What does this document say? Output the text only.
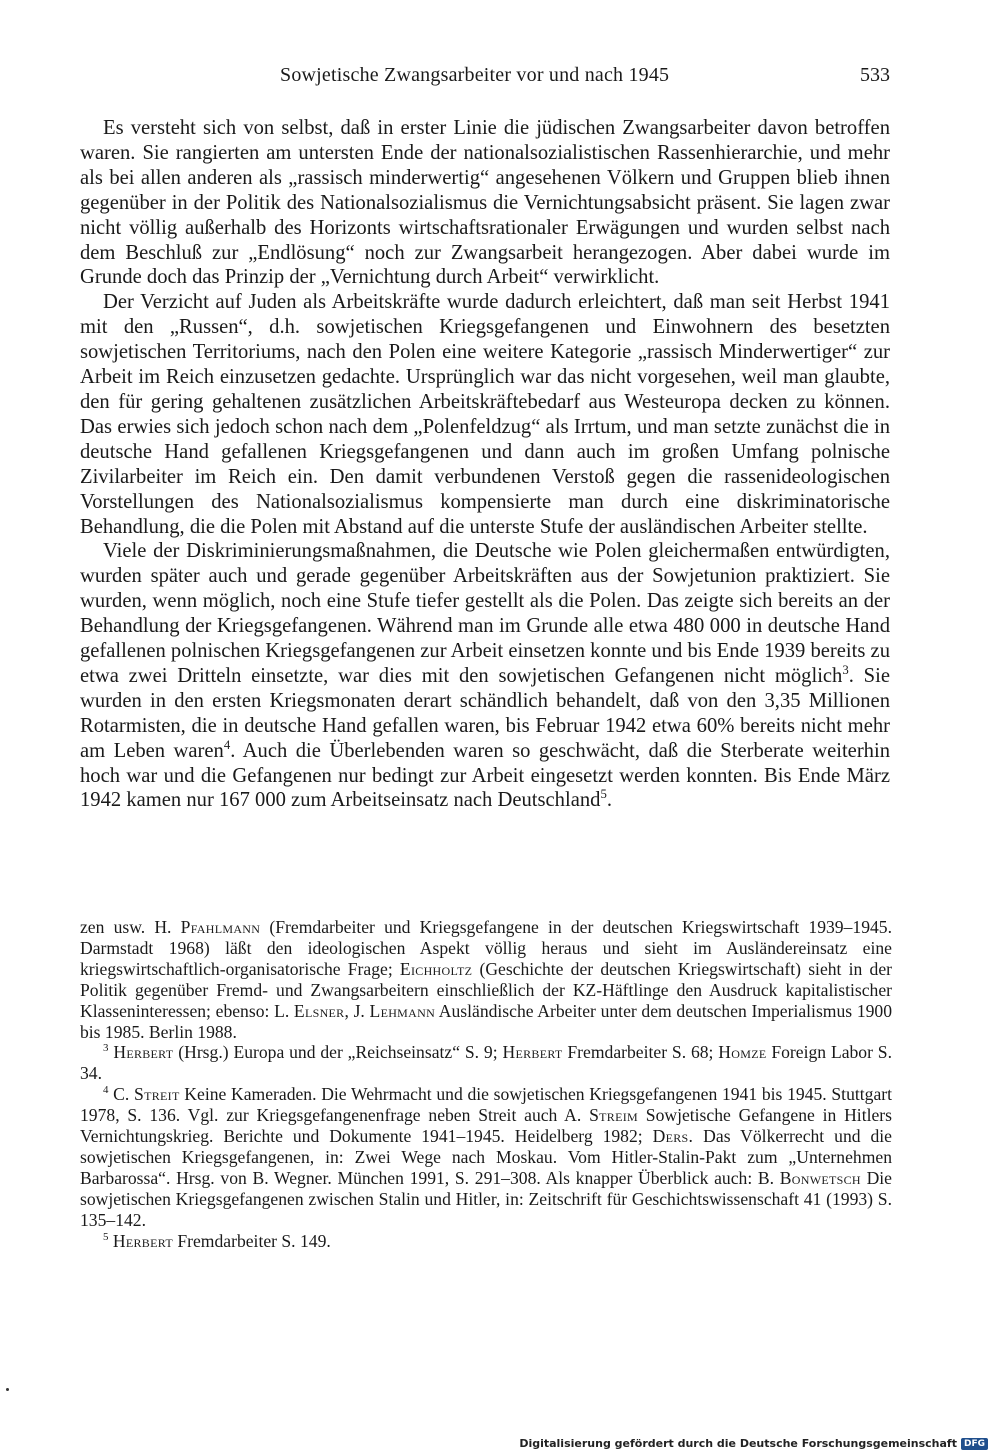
Sowjetische Zwangsarbeiter vor und nach 1945	533

Es versteht sich von selbst, daß in erster Linie die jüdischen Zwangsarbeiter davon betroffen waren. Sie rangierten am untersten Ende der nationalsozialistischen Rassenhierarchie, und mehr als bei allen anderen als „rassisch minderwertig“ angesehenen Völkern und Gruppen blieb ihnen gegenüber in der Politik des Nationalsozialismus die Vernichtungsabsicht präsent. Sie lagen zwar nicht völlig außerhalb des Horizonts wirtschaftsrationaler Erwägungen und wurden selbst nach dem Beschluß zur „Endlösung“ noch zur Zwangsarbeit herangezogen. Aber dabei wurde im Grunde doch das Prinzip der „Vernichtung durch Arbeit“ verwirklicht.

Der Verzicht auf Juden als Arbeitskräfte wurde dadurch erleichtert, daß man seit Herbst 1941 mit den „Russen“, d.h. sowjetischen Kriegsgefangenen und Einwohnern des besetzten sowjetischen Territoriums, nach den Polen eine weitere Kategorie „rassisch Minderwertiger“ zur Arbeit im Reich einzusetzen gedachte. Ursprünglich war das nicht vorgesehen, weil man glaubte, den für gering gehaltenen zusätzlichen Arbeitskräftebedarf aus Westeuropa decken zu können. Das erwies sich jedoch schon nach dem „Polenfeldzug“ als Irrtum, und man setzte zunächst die in deutsche Hand gefallenen Kriegsgefangenen und dann auch im großen Umfang polnische Zivilarbeiter im Reich ein. Den damit verbundenen Verstoß gegen die rassenideologischen Vorstellungen des Nationalsozialismus kompensierte man durch eine diskriminatorische Behandlung, die die Polen mit Abstand auf die unterste Stufe der ausländischen Arbeiter stellte.

Viele der Diskriminierungsmaßnahmen, die Deutsche wie Polen gleichermaßen entwürdigten, wurden später auch und gerade gegenüber Arbeitskräften aus der Sowjetunion praktiziert. Sie wurden, wenn möglich, noch eine Stufe tiefer gestellt als die Polen. Das zeigte sich bereits an der Behandlung der Kriegsgefangenen. Während man im Grunde alle etwa 480 000 in deutsche Hand gefallenen polnischen Kriegsgefangenen zur Arbeit einsetzen konnte und bis Ende 1939 bereits zu etwa zwei Dritteln einsetzte, war dies mit den sowjetischen Gefangenen nicht möglich$^3$. Sie wurden in den ersten Kriegsmonaten derart schändlich behandelt, daß von den 3,35 Millionen Rotarmisten, die in deutsche Hand gefallen waren, bis Februar 1942 etwa 60% bereits nicht mehr am Leben waren$^4$. Auch die Überlebenden waren so geschwächt, daß die Sterberate weiterhin hoch war und die Gefangenen nur bedingt zur Arbeit eingesetzt werden konnten. Bis Ende März 1942 kamen nur 167 000 zum Arbeitseinsatz nach Deutschland$^5$.

zen usw. H. Pfahlmann (Fremdarbeiter und Kriegsgefangene in der deutschen Kriegswirtschaft 1939–1945. Darmstadt 1968) läßt den ideologischen Aspekt völlig heraus und sieht im Ausländereinsatz eine kriegswirtschaftlich-organisatorische Frage; Eichholtz (Geschichte der deutschen Kriegswirtschaft) sieht in der Politik gegenüber Fremd- und Zwangsarbeitern einschließlich der KZ-Häftlinge den Ausdruck kapitalistischer Klasseninteressen; ebenso: L. Elsner, J. Lehmann Ausländische Arbeiter unter dem deutschen Imperialismus 1900 bis 1985. Berlin 1988.

$^3$ Herbert (Hrsg.) Europa und der „Reichseinsatz“ S. 9; Herbert Fremdarbeiter S. 68; Homze Foreign Labor S. 34.

$^4$ C. Streit Keine Kameraden. Die Wehrmacht und die sowjetischen Kriegsgefangenen 1941 bis 1945. Stuttgart 1978, S. 136. Vgl. zur Kriegsgefangenenfrage neben Streit auch A. Streim Sowjetische Gefangene in Hitlers Vernichtungskrieg. Berichte und Dokumente 1941–1945. Heidelberg 1982; Ders. Das Völkerrecht und die sowjetischen Kriegsgefangenen, in: Zwei Wege nach Moskau. Vom Hitler-Stalin-Pakt zum „Unternehmen Barbarossa“. Hrsg. von B. Wegner. München 1991, S. 291–308. Als knapper Überblick auch: B. Bonwetsch Die sowjetischen Kriegsgefangenen zwischen Stalin und Hitler, in: Zeitschrift für Geschichtswissenschaft 41 (1993) S. 135–142.

$^5$ Herbert Fremdarbeiter S. 149.

Digitalisierung gefördert durch die Deutsche Forschungsgemeinschaft DFG
